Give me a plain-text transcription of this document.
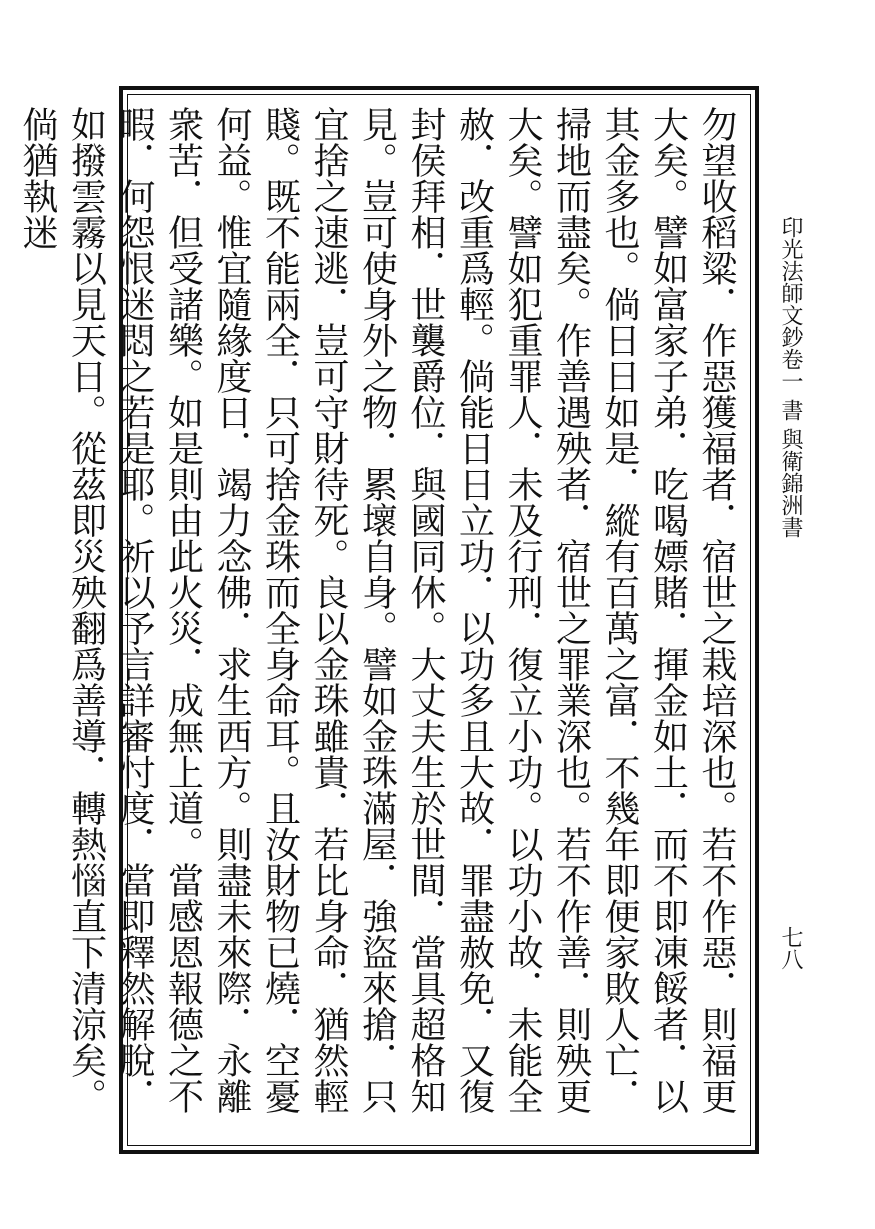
勿望收稻粱．作惡獲福者．宿世之栽培深也。若不作惡．則福更大矣。譬如富家子弟．吃喝嫖賭．揮金如土．而不即凍餒者．以其金多也。倘日日如是．縱有百萬之富．不幾年即便家敗人亡．掃地而盡矣。作善遇殃者．宿世之罪業深也。若不作善．則殃更大矣。譬如犯重罪人．未及行刑．復立小功。以功小故．未能全赦．改重爲輕。倘能日日立功．以功多且大故．罪盡赦免．又復封侯拜相．世襲爵位．與國同休。大丈夫生於世間．當具超格知見。豈可使身外之物．累壞自身。譬如金珠滿屋．強盜來搶．只宜捨之速逃．豈可守財待死。良以金珠雖貴．若比身命．猶然輕賤。既不能兩全．只可捨金珠而全身命耳。且汝財物已燒．空憂何益。惟宜隨緣度日．竭力念佛．求生西方。則盡未來際．永離衆苦．但受諸樂。如是則由此火災．成無上道。當感恩報德之不暇．何怨恨迷悶之若是耶。祈以予言詳審忖度．當即釋然解脫．如撥雲霧以見天日。從茲即災殃翻爲善導．轉熱惱直下清涼矣。倘猶執迷
印光法師文鈔卷一 書 與衛錦洲書
七八
